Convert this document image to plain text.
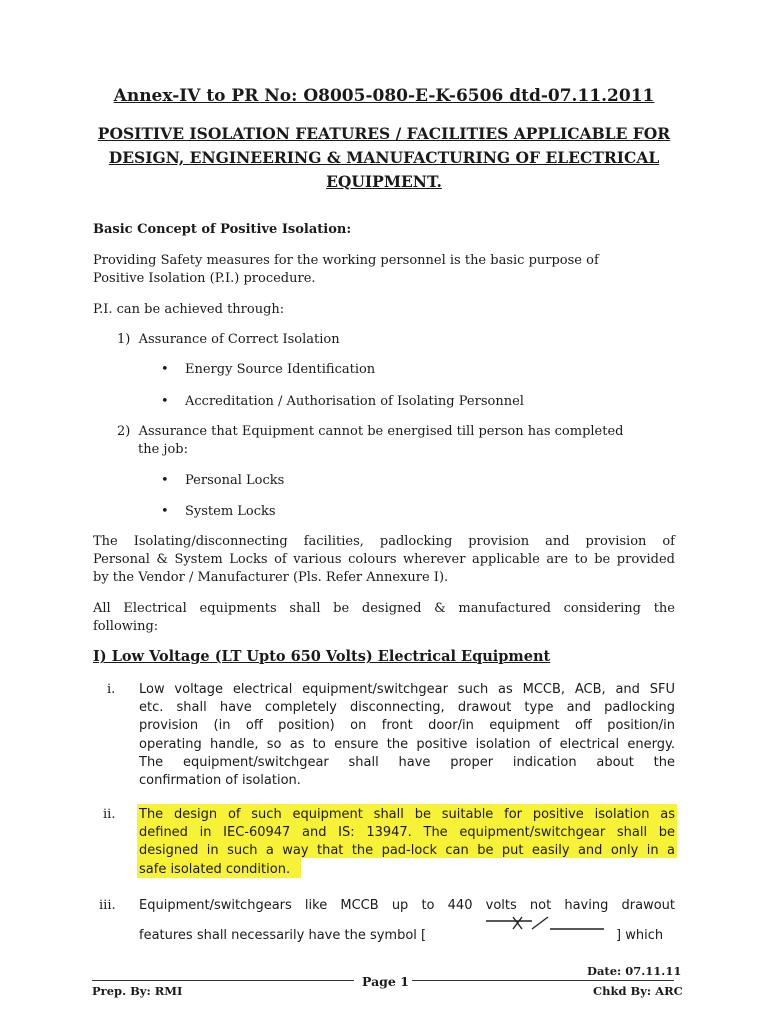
Annex-IV to PR No: O8005-080-E-K-6506 dtd-07.11.2011
POSITIVE ISOLATION FEATURES / FACILITIES APPLICABLE FOR DESIGN, ENGINEERING & MANUFACTURING OF ELECTRICAL EQUIPMENT.

Basic Concept of Positive Isolation:

Providing Safety measures for the working personnel is the basic purpose of

Positive Isolation (P.I.) procedure.

P.I. can be achieved through:

1)  Assurance of Correct Isolation

• Energy Source Identification

• Accreditation / Authorisation of Isolating Personnel

2)  Assurance that Equipment cannot be energised till person has completed

the job:

• Personal Locks

• System Locks

The Isolating/disconnecting facilities, padlocking provision and provision of

Personal & System Locks of various colours wherever applicable are to be provided

by the Vendor / Manufacturer (Pls. Refer Annexure I).

All Electrical equipments shall be designed & manufactured considering the

following:

I) Low Voltage (LT Upto 650 Volts) Electrical Equipment

i. Low voltage electrical equipment/switchgear such as MCCB, ACB, and SFU
etc. shall have completely disconnecting, drawout type and padlocking
provision (in off position) on front door/in equipment off position/in
operating handle, so as to ensure the positive isolation of electrical energy.
The equipment/switchgear shall have proper indication about the
confirmation of isolation.
ii. The design of such equipment shall be suitable for positive isolation as
defined in IEC-60947 and IS: 13947. The equipment/switchgear shall be
designed in such a way that the pad-lock can be put easily and only in a
safe isolated condition.
iii. Equipment/switchgears like MCCB up to 440 volts not having drawout
features shall necessarily have the symbol [	] which
Prep. By: RMI
Page 1
Date: 07.11.11
Chkd By: ARC
